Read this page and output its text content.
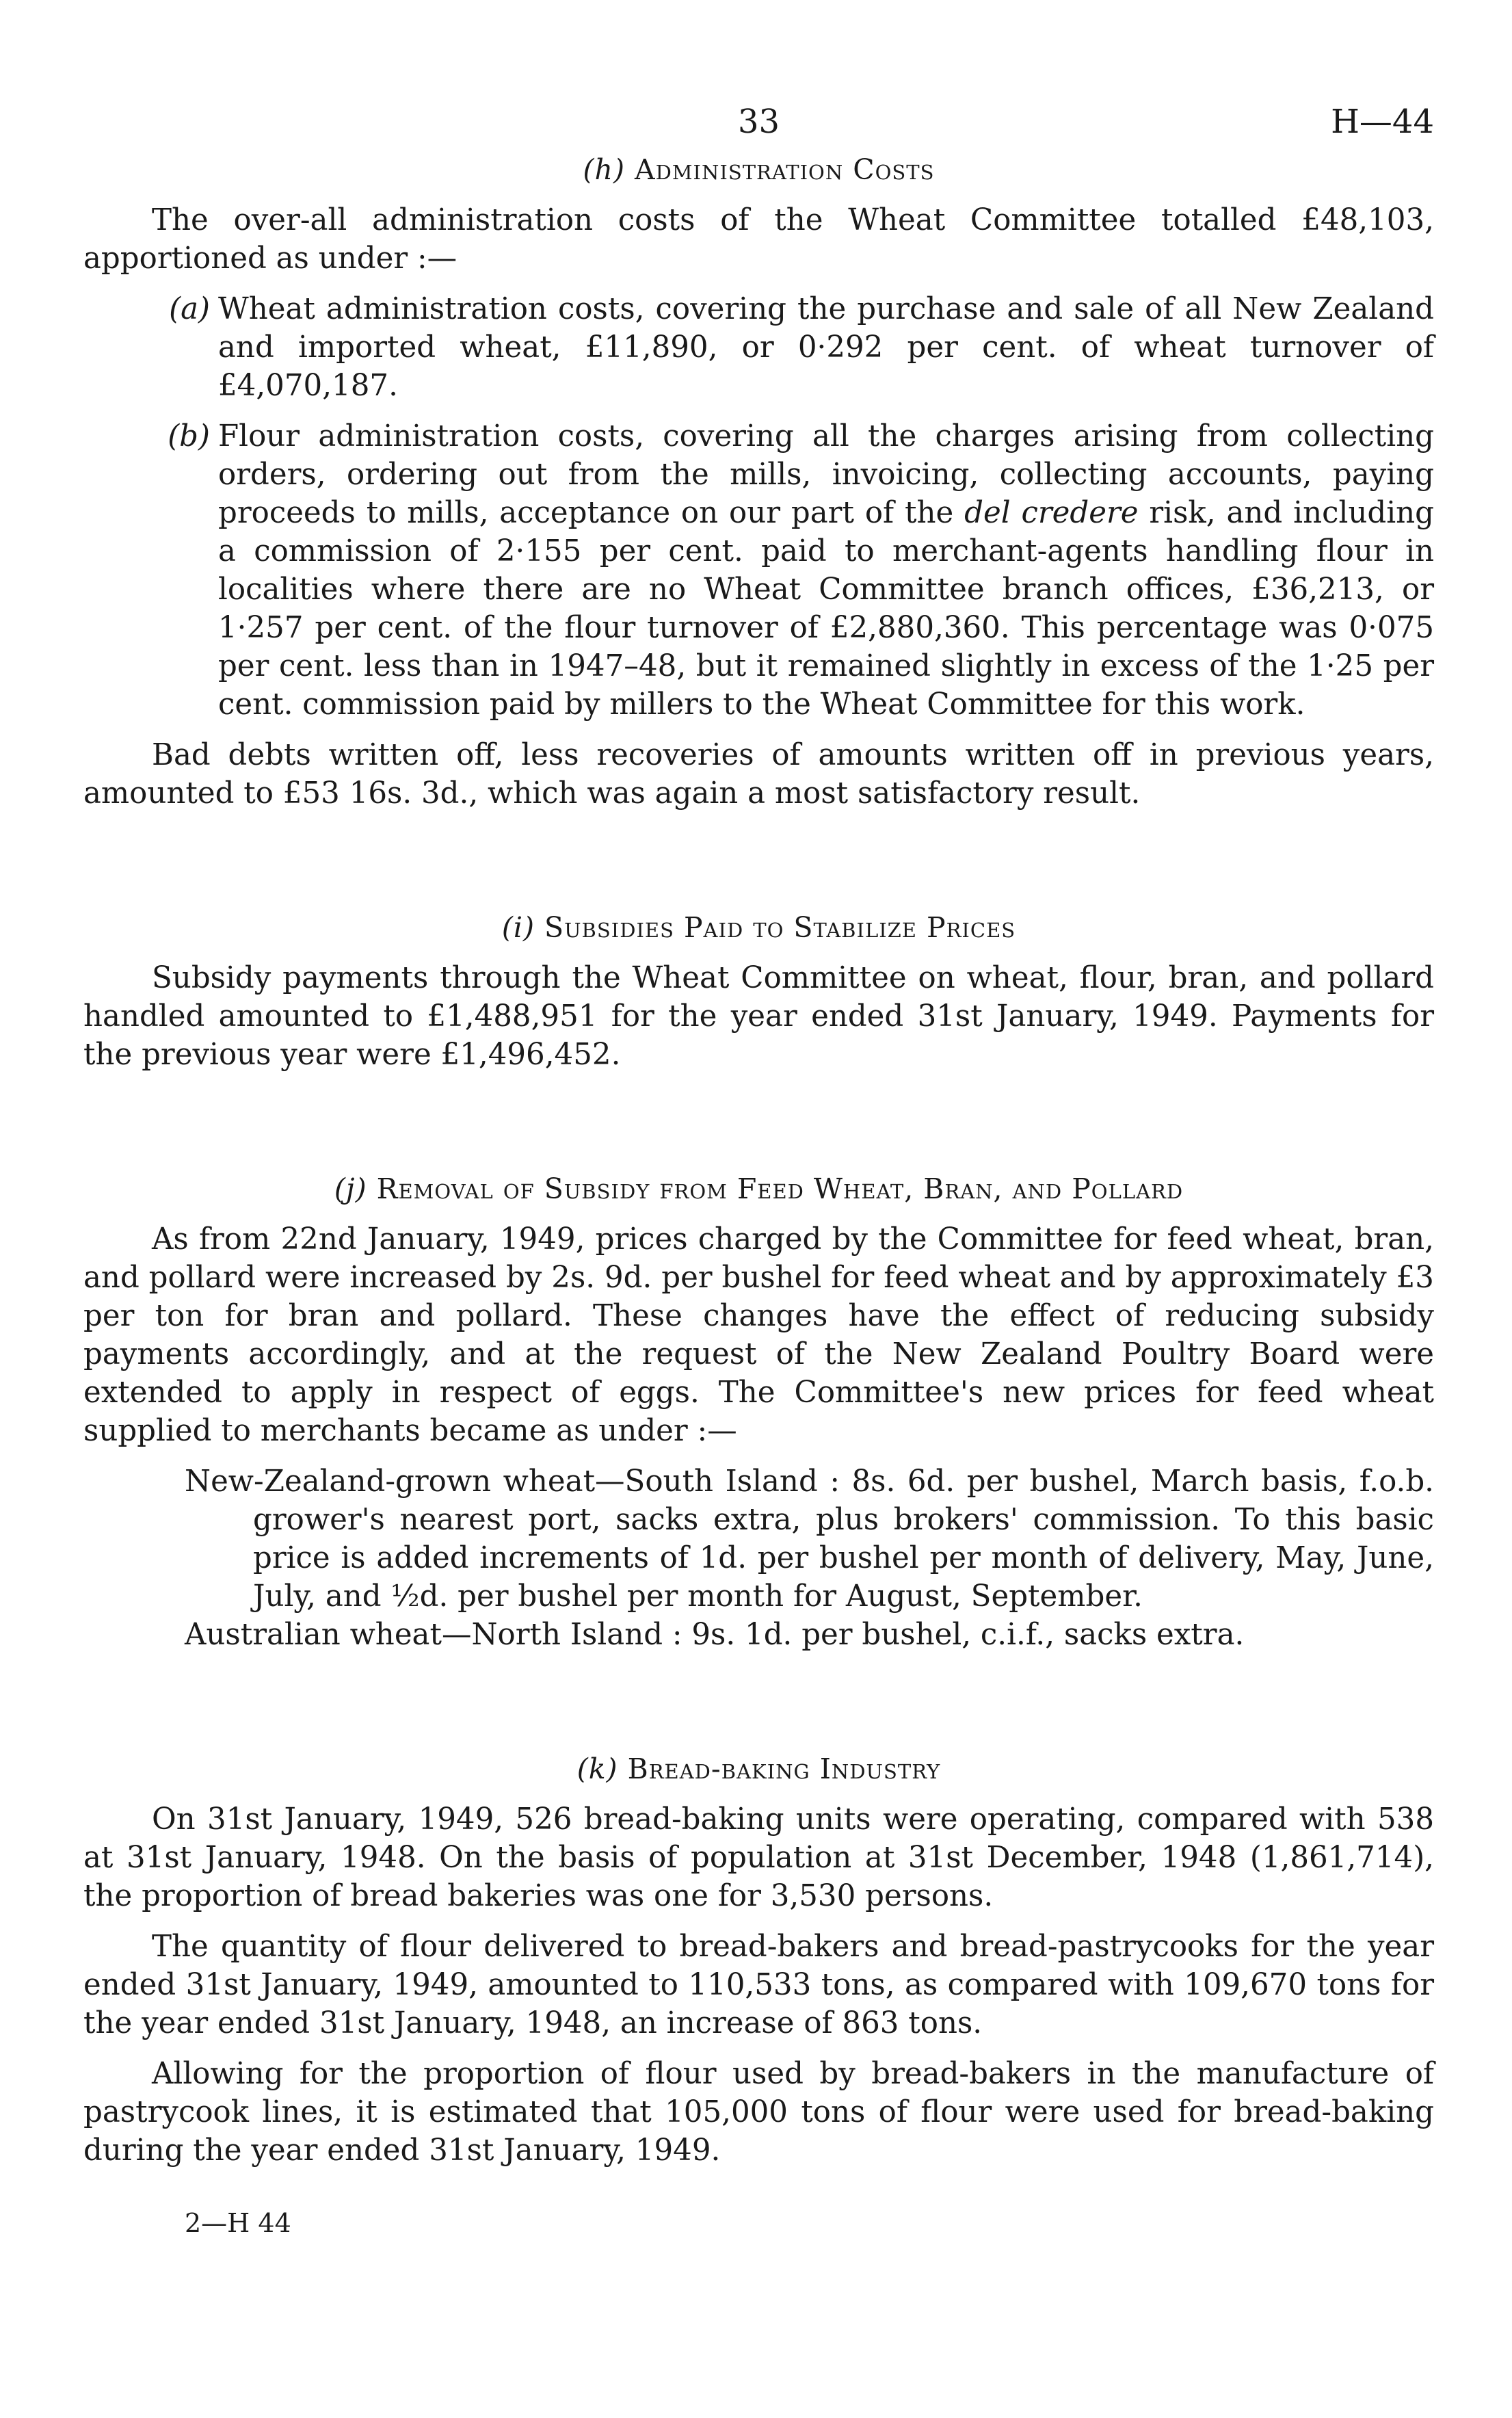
33	H—44

(h) Administration Costs

The over-all administration costs of the Wheat Committee totalled £48,103, apportioned as under :—

(a) Wheat administration costs, covering the purchase and sale of all New Zealand and imported wheat, £11,890, or 0·292 per cent. of wheat turnover of £4,070,187.
(b) Flour administration costs, covering all the charges arising from collecting orders, ordering out from the mills, invoicing, collecting accounts, paying proceeds to mills, acceptance on our part of the del credere risk, and including a commission of 2·155 per cent. paid to merchant-agents handling flour in localities where there are no Wheat Committee branch offices, £36,213, or 1·257 per cent. of the flour turnover of £2,880,360. This percentage was 0·075 per cent. less than in 1947–48, but it remained slightly in excess of the 1·25 per cent. commission paid by millers to the Wheat Committee for this work.

Bad debts written off, less recoveries of amounts written off in previous years, amounted to £53 16s. 3d., which was again a most satisfactory result.

(i) Subsidies Paid to Stabilize Prices

Subsidy payments through the Wheat Committee on wheat, flour, bran, and pollard handled amounted to £1,488,951 for the year ended 31st January, 1949. Payments for the previous year were £1,496,452.

(j) Removal of Subsidy from Feed Wheat, Bran, and Pollard

As from 22nd January, 1949, prices charged by the Committee for feed wheat, bran, and pollard were increased by 2s. 9d. per bushel for feed wheat and by approximately £3 per ton for bran and pollard. These changes have the effect of reducing subsidy payments accordingly, and at the request of the New Zealand Poultry Board were extended to apply in respect of eggs. The Committee's new prices for feed wheat supplied to merchants became as under :—

New-Zealand-grown wheat—South Island : 8s. 6d. per bushel, March basis, f.o.b. grower's nearest port, sacks extra, plus brokers' commission. To this basic price is added increments of 1d. per bushel per month of delivery, May, June, July, and ½d. per bushel per month for August, September.

Australian wheat—North Island : 9s. 1d. per bushel, c.i.f., sacks extra.

(k) Bread-baking Industry

On 31st January, 1949, 526 bread-baking units were operating, compared with 538 at 31st January, 1948. On the basis of population at 31st December, 1948 (1,861,714), the proportion of bread bakeries was one for 3,530 persons.

The quantity of flour delivered to bread-bakers and bread-pastrycooks for the year ended 31st January, 1949, amounted to 110,533 tons, as compared with 109,670 tons for the year ended 31st January, 1948, an increase of 863 tons.

Allowing for the proportion of flour used by bread-bakers in the manufacture of pastrycook lines, it is estimated that 105,000 tons of flour were used for bread-baking during the year ended 31st January, 1949.

2—H 44
